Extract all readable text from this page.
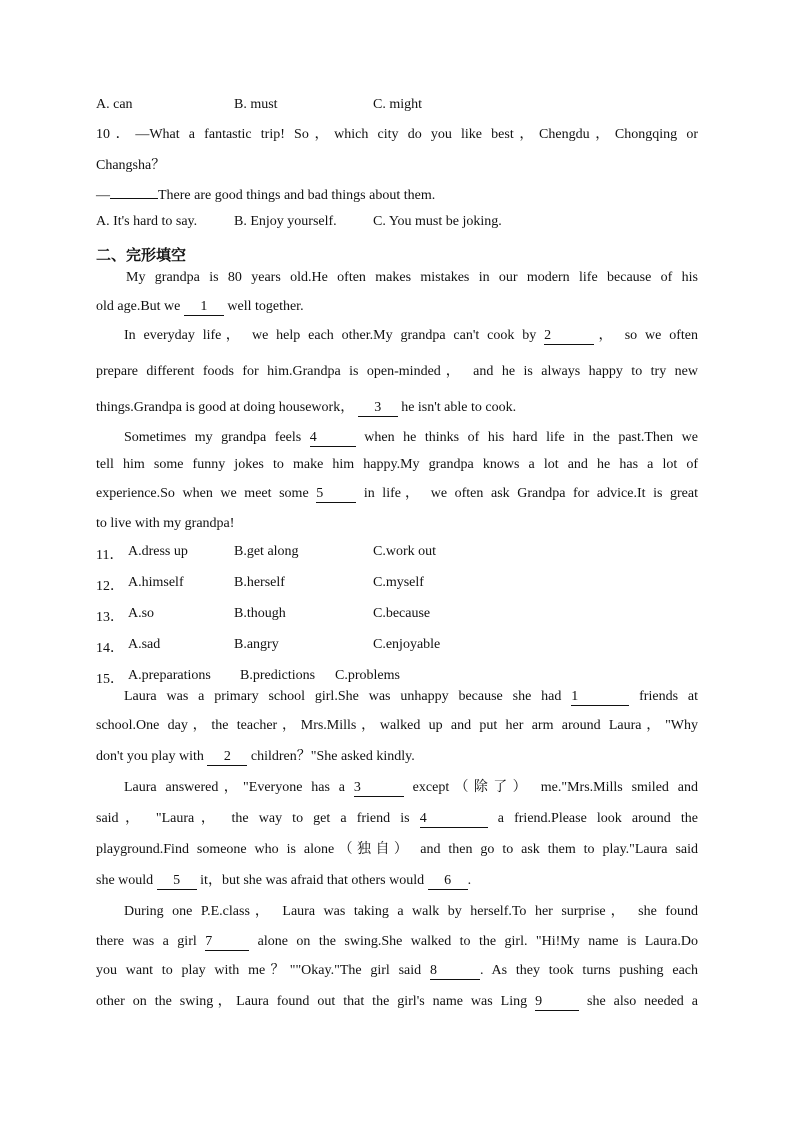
A. can	B. must	C. might
10．—What a fantastic trip! So，which city do you like best，Chengdu，Chongqing or
Changsha？
—	There are good things and bad things about them.
A. It's hard to say.	B. Enjoy yourself.	C. You must be joking.
二、完形填空
My grandpa is 80 years old.He often makes mistakes in our modern life because of his
old age.But we 1 well together.
In everyday life， we help each other.My grandpa can't cook by 2	， so we often
prepare different foods for him.Grandpa is open-minded， and he is always happy to try new
things.Grandpa is good at doing housework， 3 he isn't able to cook.
Sometimes my grandpa feels 4	when he thinks of his hard life in the past.Then we
tell him some funny jokes to make him happy.My grandpa knows a lot and he has a lot of
experience.So when we meet some 5 in life， we often ask Grandpa for advice.It is great
to live with my grandpa!
11． A.dress up	B.get along	C.work out
12． A.himself	B.herself	C.myself
13． A.so	B.though	C.because
14． A.sad	B.angry	C.enjoyable
15． A.preparations B.predictions C.problems
Laura was a primary school girl.She was unhappy because she had 1	friends at
school.One day，the teacher，Mrs.Mills，walked up and put her arm around Laura，"Why
don't you play with 2 children？"She asked kindly.
Laura answered，"Everyone has a 3	except（除了） me."Mrs.Mills smiled and
said， "Laura， the way to get a friend is 4	a friend.Please look around the
playground.Find someone who is alone（独自） and then go to ask them to play."Laura said
she would 5 it，but she was afraid that others would 6 .
During one P.E.class， Laura was taking a walk by herself.To her surprise， she found
there was a girl 7	alone on the swing.She walked to the girl. "Hi!My name is Laura.Do
you want to play with me？""Okay."The girl said 8	. As they took turns pushing each
other on the swing，Laura found out that the girl's name was Ling 9	she also needed a
